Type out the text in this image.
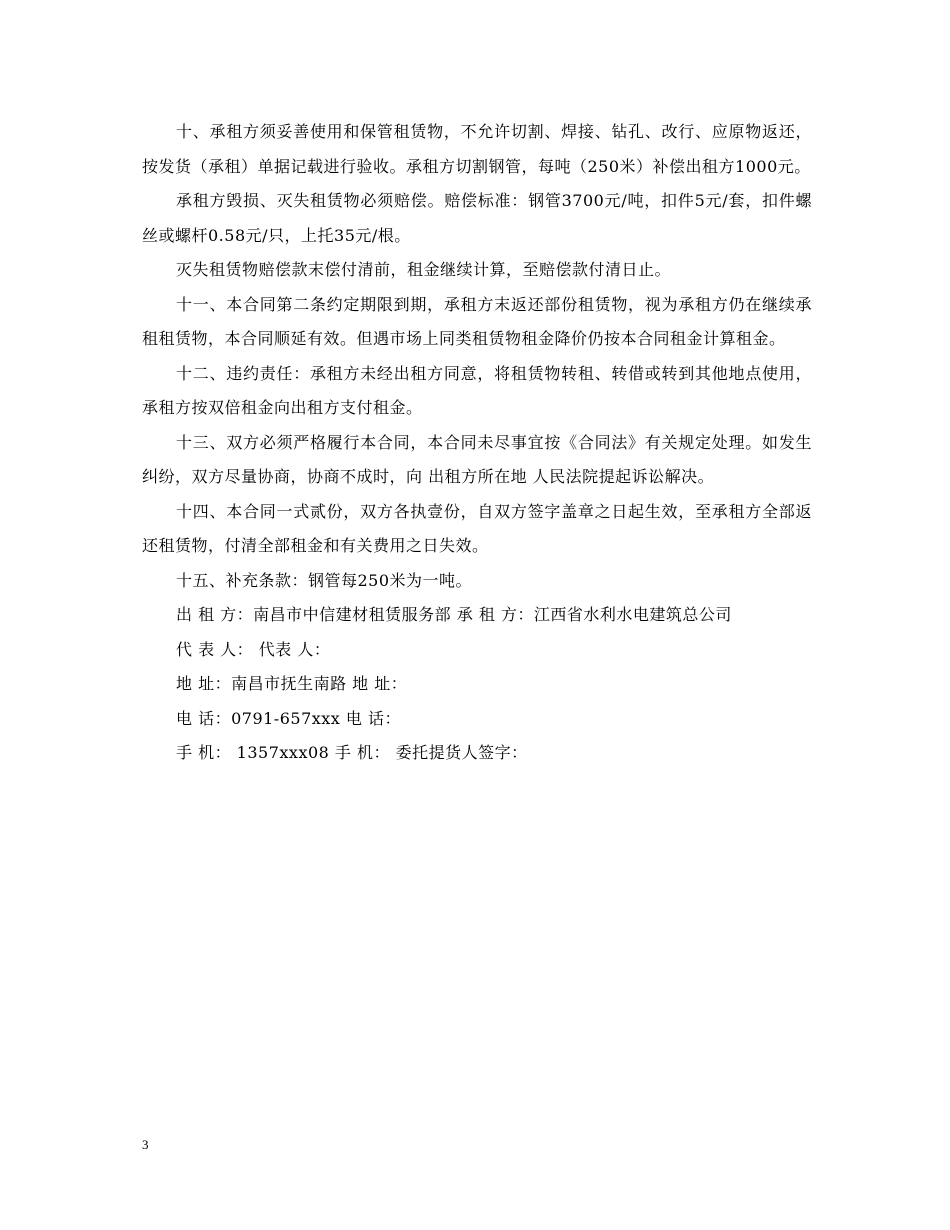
十、承租方须妥善使用和保管租赁物，不允许切割、焊接、钻孔、改行、应原物返还，按发货（承租）单据记载进行验收。承租方切割钢管，每吨（250米）补偿出租方1000元。

承租方毁损、灭失租赁物必须赔偿。赔偿标准：钢管3700元/吨，扣件5元/套，扣件螺丝或螺杆0.58元/只，上托35元/根。

灭失租赁物赔偿款末偿付清前，租金继续计算，至赔偿款付清日止。

十一、本合同第二条约定期限到期，承租方末返还部份租赁物，视为承租方仍在继续承租租赁物，本合同顺延有效。但遇市场上同类租赁物租金降价仍按本合同租金计算租金。

十二、违约责任：承租方未经出租方同意，将租赁物转租、转借或转到其他地点使用，承租方按双倍租金向出租方支付租金。

十三、双方必须严格履行本合同，本合同未尽事宜按《合同法》有关规定处理。如发生纠纷，双方尽量协商，协商不成时，向 出租方所在地 人民法院提起诉讼解决。

十四、本合同一式贰份，双方各执壹份，自双方签字盖章之日起生效，至承租方全部返还租赁物，付清全部租金和有关费用之日失效。

十五、补充条款：钢管每250米为一吨。

出 租 方：南昌市中信建材租赁服务部 承 租 方：江西省水利水电建筑总公司

代 表 人： 代表 人：

地 址：南昌市抚生南路 地 址：

电 话：0791-657xxx 电 话：

手 机： 1357xxx08 手 机： 委托提货人签字：

3
